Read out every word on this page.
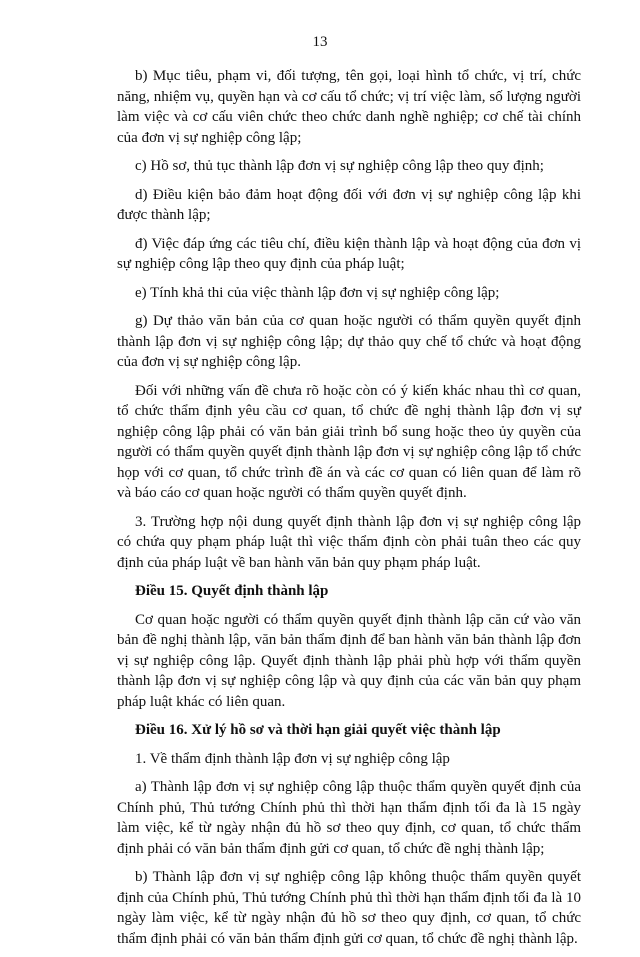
13

b) Mục tiêu, phạm vi, đối tượng, tên gọi, loại hình tổ chức, vị trí, chức năng, nhiệm vụ, quyền hạn và cơ cấu tổ chức; vị trí việc làm, số lượng người làm việc và cơ cấu viên chức theo chức danh nghề nghiệp; cơ chế tài chính của đơn vị sự nghiệp công lập;

c) Hồ sơ, thủ tục thành lập đơn vị sự nghiệp công lập theo quy định;

d) Điều kiện bảo đảm hoạt động đối với đơn vị sự nghiệp công lập khi được thành lập;

đ) Việc đáp ứng các tiêu chí, điều kiện thành lập và hoạt động của đơn vị sự nghiệp công lập theo quy định của pháp luật;

e) Tính khả thi của việc thành lập đơn vị sự nghiệp công lập;

g) Dự thảo văn bản của cơ quan hoặc người có thẩm quyền quyết định thành lập đơn vị sự nghiệp công lập; dự thảo quy chế tổ chức và hoạt động của đơn vị sự nghiệp công lập.

Đối với những vấn đề chưa rõ hoặc còn có ý kiến khác nhau thì cơ quan, tổ chức thẩm định yêu cầu cơ quan, tổ chức đề nghị thành lập đơn vị sự nghiệp công lập phải có văn bản giải trình bổ sung hoặc theo ủy quyền của người có thẩm quyền quyết định thành lập đơn vị sự nghiệp công lập tổ chức họp với cơ quan, tổ chức trình đề án và các cơ quan có liên quan để làm rõ và báo cáo cơ quan hoặc người có thẩm quyền quyết định.

3. Trường hợp nội dung quyết định thành lập đơn vị sự nghiệp công lập có chứa quy phạm pháp luật thì việc thẩm định còn phải tuân theo các quy định của pháp luật về ban hành văn bản quy phạm pháp luật.

Điều 15. Quyết định thành lập

Cơ quan hoặc người có thẩm quyền quyết định thành lập căn cứ vào văn bản đề nghị thành lập, văn bản thẩm định để ban hành văn bản thành lập đơn vị sự nghiệp công lập. Quyết định thành lập phải phù hợp với thẩm quyền thành lập đơn vị sự nghiệp công lập và quy định của các văn bản quy phạm pháp luật khác có liên quan.

Điều 16. Xử lý hồ sơ và thời hạn giải quyết việc thành lập

1. Về thẩm định thành lập đơn vị sự nghiệp công lập

a) Thành lập đơn vị sự nghiệp công lập thuộc thẩm quyền quyết định của Chính phủ, Thủ tướng Chính phủ thì thời hạn thẩm định tối đa là 15 ngày làm việc, kể từ ngày nhận đủ hồ sơ theo quy định, cơ quan, tổ chức thẩm định phải có văn bản thẩm định gửi cơ quan, tổ chức đề nghị thành lập;

b) Thành lập đơn vị sự nghiệp công lập không thuộc thẩm quyền quyết định của Chính phủ, Thủ tướng Chính phủ thì thời hạn thẩm định tối đa là 10 ngày làm việc, kể từ ngày nhận đủ hồ sơ theo quy định, cơ quan, tổ chức thẩm định phải có văn bản thẩm định gửi cơ quan, tổ chức đề nghị thành lập.
